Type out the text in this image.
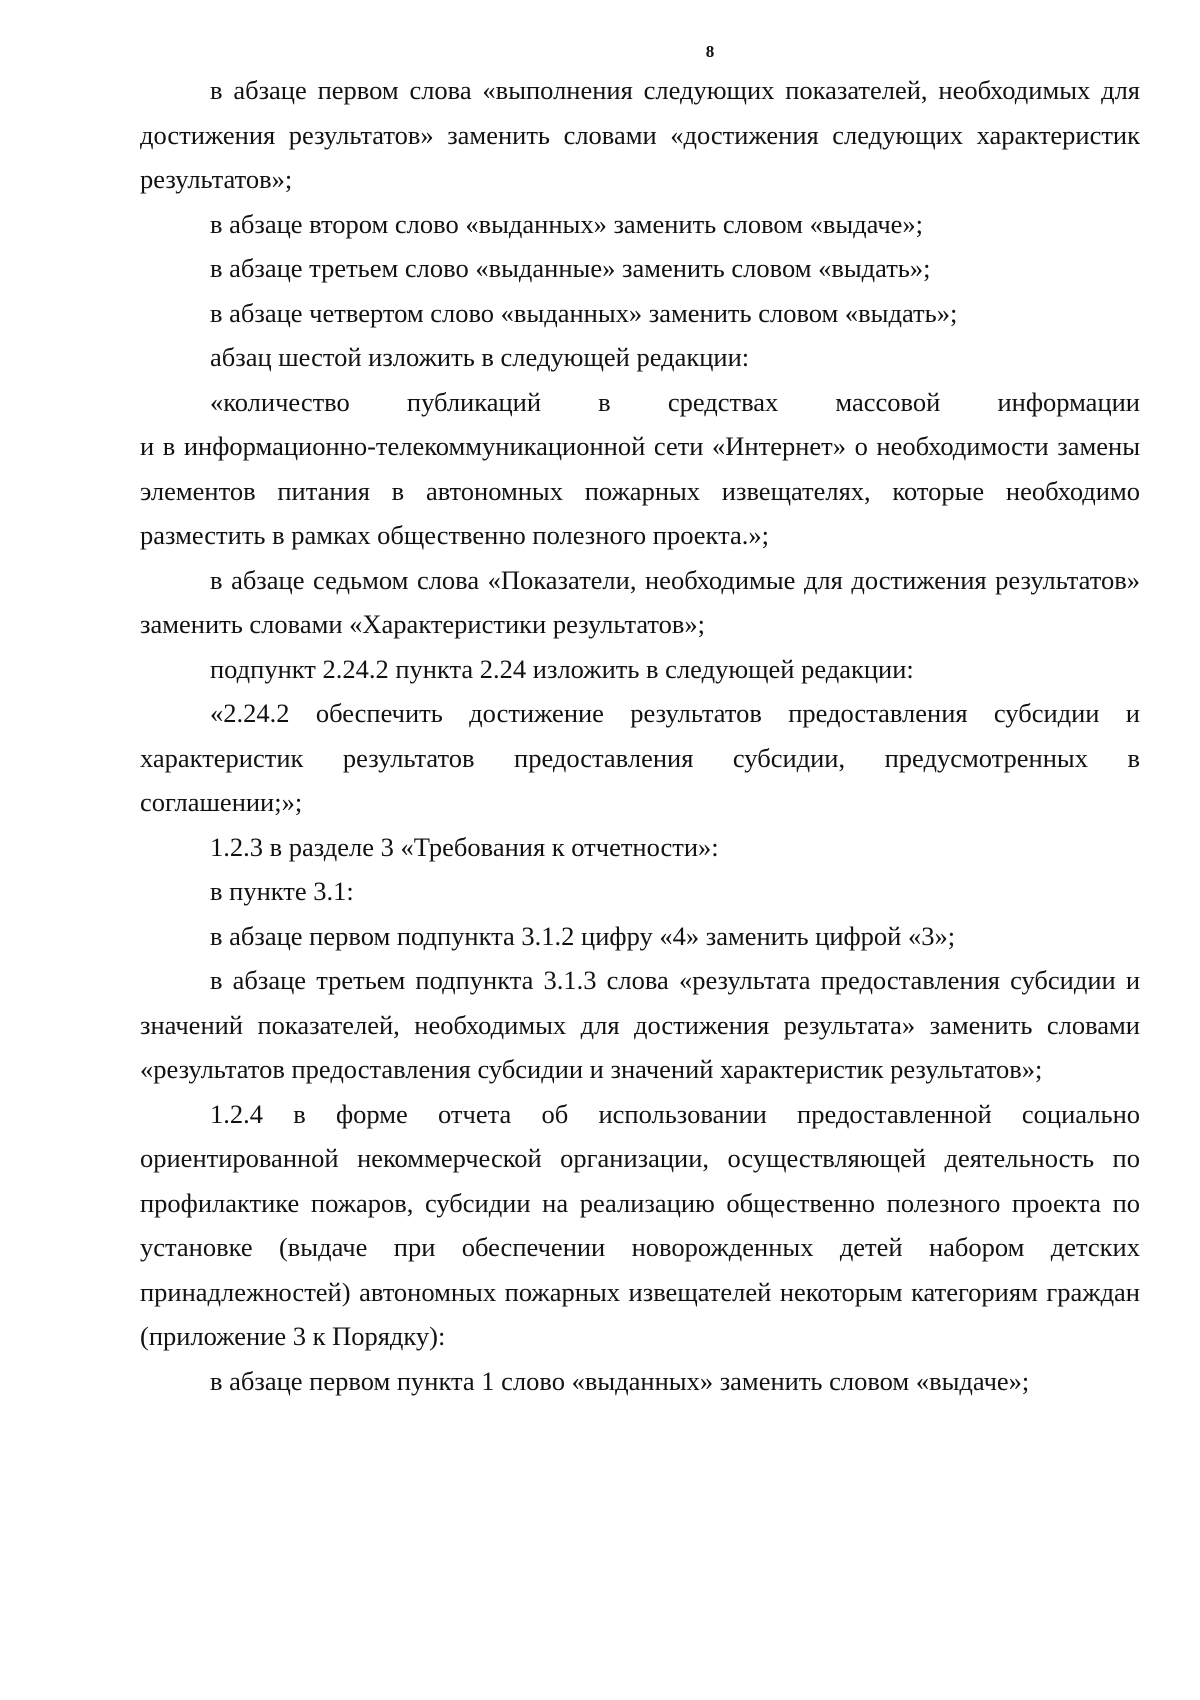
8

в абзаце первом слова «выполнения следующих показателей, необходимых для достижения результатов» заменить словами «достижения следующих характеристик результатов»;

в абзаце втором слово «выданных» заменить словом «выдаче»;

в абзаце третьем слово «выданные» заменить словом «выдать»;

в абзаце четвертом слово «выданных» заменить словом «выдать»;

абзац шестой изложить в следующей редакции:

«количество публикаций в средствах массовой информации

и в информационно-телекоммуникационной сети «Интернет» о необходимости замены элементов питания в автономных пожарных извещателях, которые необходимо разместить в рамках общественно полезного проекта.»;

в абзаце седьмом слова «Показатели, необходимые для достижения результатов» заменить словами «Характеристики результатов»;

подпункт 2.24.2 пункта 2.24 изложить в следующей редакции:

«2.24.2 обеспечить достижение результатов предоставления субсидии и характеристик результатов предоставления субсидии, предусмотренных в соглашении;»;

1.2.3 в разделе 3 «Требования к отчетности»:

в пункте 3.1:

в абзаце первом подпункта 3.1.2 цифру «4» заменить цифрой «3»;

в абзаце третьем подпункта 3.1.3 слова «результата предоставления субсидии и значений показателей, необходимых для достижения результата» заменить словами «результатов предоставления субсидии и значений характеристик результатов»;

1.2.4 в форме отчета об использовании предоставленной социально ориентированной некоммерческой организации, осуществляющей деятельность по профилактике пожаров, субсидии на реализацию общественно полезного проекта по установке (выдаче при обеспечении новорожденных детей набором детских принадлежностей) автономных пожарных извещателей некоторым категориям граждан (приложение 3 к Порядку):

в абзаце первом пункта 1 слово «выданных» заменить словом «выдаче»;
